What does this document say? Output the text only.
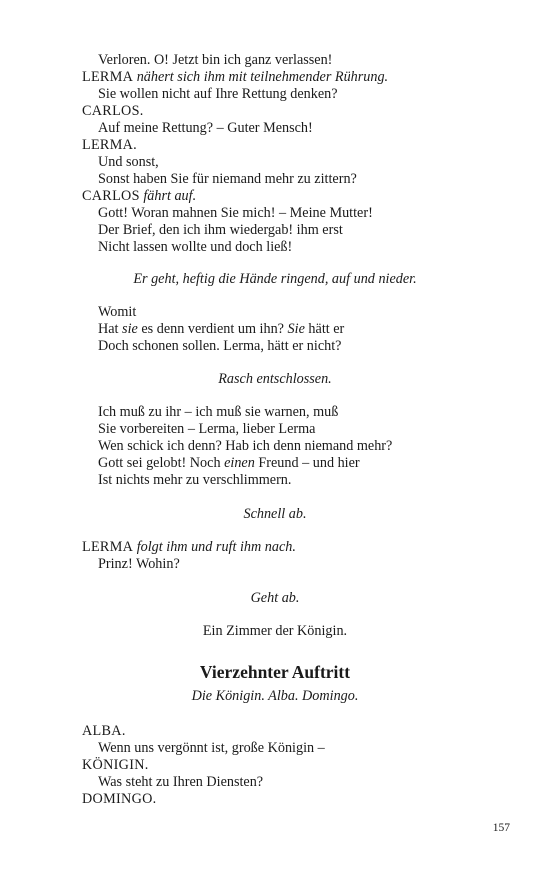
Verloren. O! Jetzt bin ich ganz verlassen!
LERMA nähert sich ihm mit teilnehmender Rührung.
Sie wollen nicht auf Ihre Rettung denken?
CARLOS.
Auf meine Rettung? – Guter Mensch!
LERMA.
Und sonst,
Sonst haben Sie für niemand mehr zu zittern?
CARLOS fährt auf.
Gott! Woran mahnen Sie mich! – Meine Mutter!
Der Brief, den ich ihm wiedergab! ihm erst
Nicht lassen wollte und doch ließ!
Er geht, heftig die Hände ringend, auf und nieder.
Womit
Hat sie es denn verdient um ihn? Sie hätt er
Doch schonen sollen. Lerma, hätt er nicht?
Rasch entschlossen.
Ich muß zu ihr – ich muß sie warnen, muß
Sie vorbereiten – Lerma, lieber Lerma
Wen schick ich denn? Hab ich denn niemand mehr?
Gott sei gelobt! Noch einen Freund – und hier
Ist nichts mehr zu verschlimmern.
Schnell ab.
LERMA folgt ihm und ruft ihm nach.
Prinz! Wohin?
Geht ab.
Ein Zimmer der Königin.
Vierzehnter Auftritt
Die Königin. Alba. Domingo.
ALBA.
Wenn uns vergönnt ist, große Königin –
KÖNIGIN.
Was steht zu Ihren Diensten?
DOMINGO.
157
